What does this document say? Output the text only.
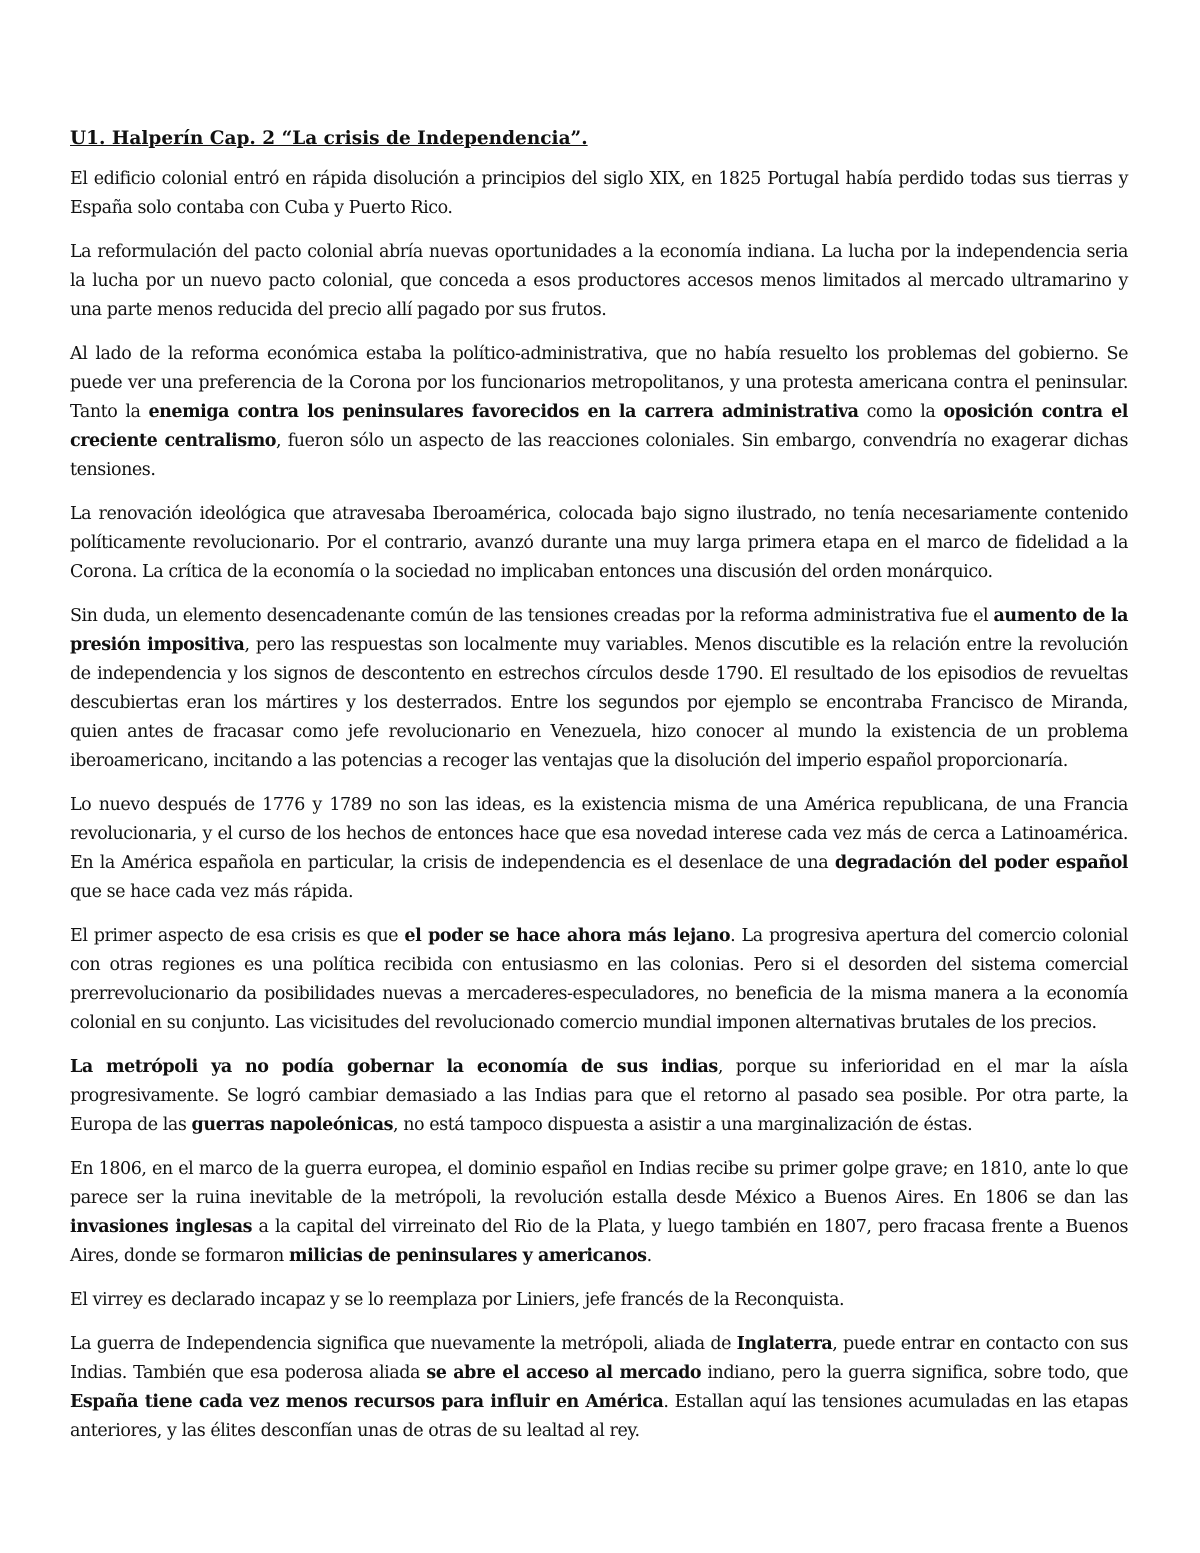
U1. Halperín Cap. 2 “La crisis de Independencia”.

El edificio colonial entró en rápida disolución a principios del siglo XIX, en 1825 Portugal había perdido todas sus tierras y España solo contaba con Cuba y Puerto Rico.

La reformulación del pacto colonial abría nuevas oportunidades a la economía indiana. La lucha por la independencia seria la lucha por un nuevo pacto colonial, que conceda a esos productores accesos menos limitados al mercado ultramarino y una parte menos reducida del precio allí pagado por sus frutos.

Al lado de la reforma económica estaba la político-administrativa, que no había resuelto los problemas del gobierno. Se puede ver una preferencia de la Corona por los funcionarios metropolitanos, y una protesta americana contra el peninsular. Tanto la enemiga contra los peninsulares favorecidos en la carrera administrativa como la oposición contra el creciente centralismo, fueron sólo un aspecto de las reacciones coloniales. Sin embargo, convendría no exagerar dichas tensiones.

La renovación ideológica que atravesaba Iberoamérica, colocada bajo signo ilustrado, no tenía necesariamente contenido políticamente revolucionario. Por el contrario, avanzó durante una muy larga primera etapa en el marco de fidelidad a la Corona. La crítica de la economía o la sociedad no implicaban entonces una discusión del orden monárquico.

Sin duda, un elemento desencadenante común de las tensiones creadas por la reforma administrativa fue el aumento de la presión impositiva, pero las respuestas son localmente muy variables. Menos discutible es la relación entre la revolución de independencia y los signos de descontento en estrechos círculos desde 1790. El resultado de los episodios de revueltas descubiertas eran los mártires y los desterrados. Entre los segundos por ejemplo se encontraba Francisco de Miranda, quien antes de fracasar como jefe revolucionario en Venezuela, hizo conocer al mundo la existencia de un problema iberoamericano, incitando a las potencias a recoger las ventajas que la disolución del imperio español proporcionaría.

Lo nuevo después de 1776 y 1789 no son las ideas, es la existencia misma de una América republicana, de una Francia revolucionaria, y el curso de los hechos de entonces hace que esa novedad interese cada vez más de cerca a Latinoamérica. En la América española en particular, la crisis de independencia es el desenlace de una degradación del poder español que se hace cada vez más rápida.

El primer aspecto de esa crisis es que el poder se hace ahora más lejano. La progresiva apertura del comercio colonial con otras regiones es una política recibida con entusiasmo en las colonias. Pero si el desorden del sistema comercial prerrevolucionario da posibilidades nuevas a mercaderes-especuladores, no beneficia de la misma manera a la economía colonial en su conjunto. Las vicisitudes del revolucionado comercio mundial imponen alternativas brutales de los precios.

La metrópoli ya no podía gobernar la economía de sus indias, porque su inferioridad en el mar la aísla progresivamente. Se logró cambiar demasiado a las Indias para que el retorno al pasado sea posible. Por otra parte, la Europa de las guerras napoleónicas, no está tampoco dispuesta a asistir a una marginalización de éstas.

En 1806, en el marco de la guerra europea, el dominio español en Indias recibe su primer golpe grave; en 1810, ante lo que parece ser la ruina inevitable de la metrópoli, la revolución estalla desde México a Buenos Aires. En 1806 se dan las invasiones inglesas a la capital del virreinato del Rio de la Plata, y luego también en 1807, pero fracasa frente a Buenos Aires, donde se formaron milicias de peninsulares y americanos.

El virrey es declarado incapaz y se lo reemplaza por Liniers, jefe francés de la Reconquista.

La guerra de Independencia significa que nuevamente la metrópoli, aliada de Inglaterra, puede entrar en contacto con sus Indias. También que esa poderosa aliada se abre el acceso al mercado indiano, pero la guerra significa, sobre todo, que España tiene cada vez menos recursos para influir en América. Estallan aquí las tensiones acumuladas en las etapas anteriores, y las élites desconfían unas de otras de su lealtad al rey.
